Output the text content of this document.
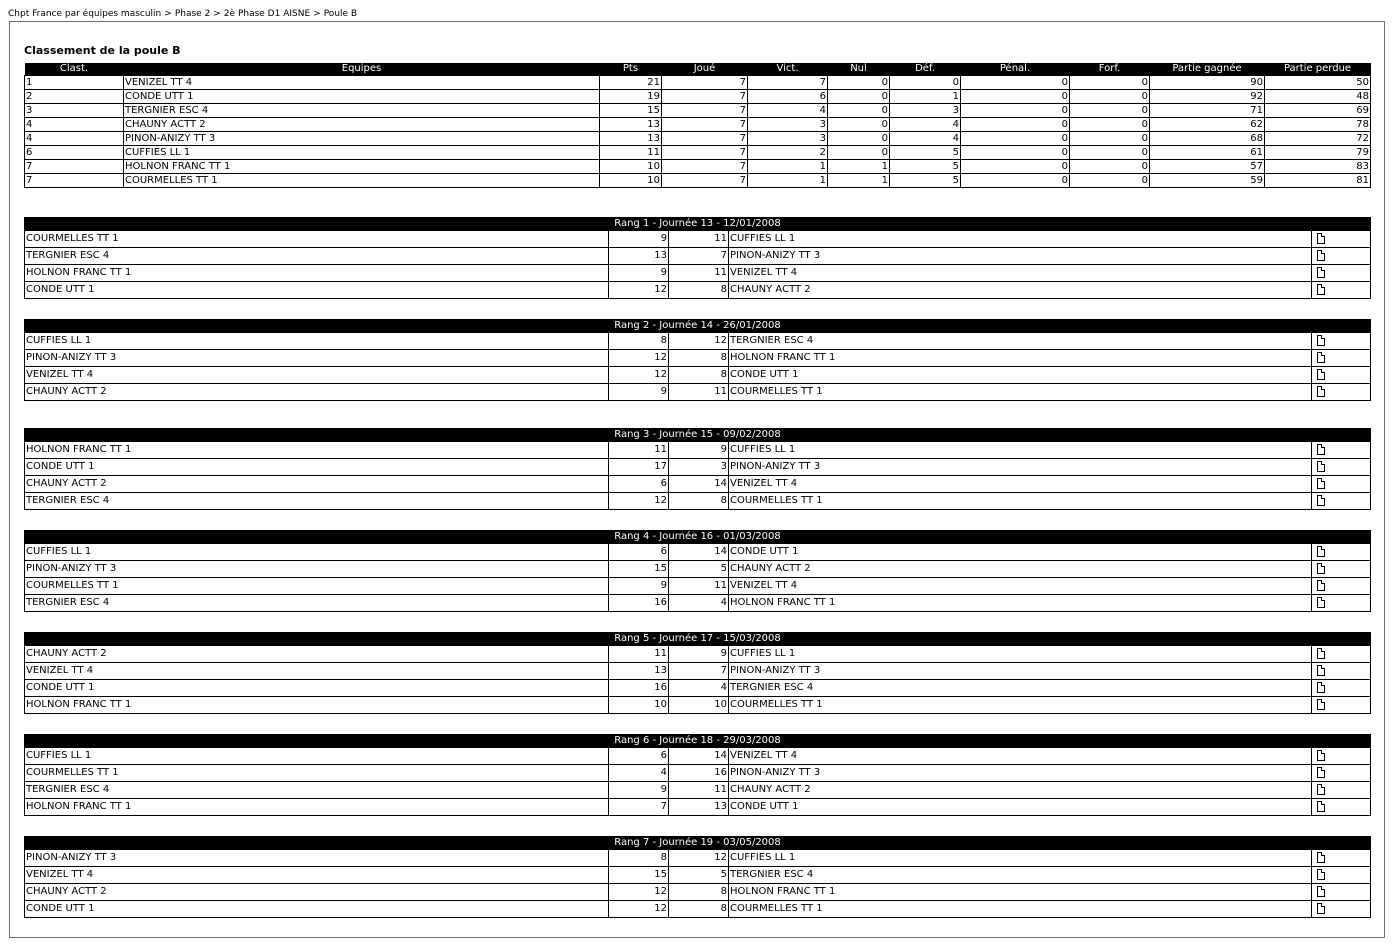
Chpt France par équipes masculin > Phase 2 > 2è Phase D1 AISNE > Poule B
Classement de la poule B
Clast.	Equipes	Pts	Joué	Vict.	Nul	Déf.	Pénal.	Forf.	Partie gagnée	Partie perdue
1	VENIZEL TT 4	21	7	7	0	0	0	0	90	50
2	CONDE UTT 1	19	7	6	0	1	0	0	92	48
3	TERGNIER ESC 4	15	7	4	0	3	0	0	71	69
4	CHAUNY ACTT 2	13	7	3	0	4	0	0	62	78
4	PINON-ANIZY TT 3	13	7	3	0	4	0	0	68	72
6	CUFFIES LL 1	11	7	2	0	5	0	0	61	79
7	HOLNON FRANC TT 1	10	7	1	1	5	0	0	57	83
7	COURMELLES TT 1	10	7	1	1	5	0	0	59	81
Rang 1 - Journée 13 - 12/01/2008				
COURMELLES TT 1	9	11	CUFFIES LL 1	
TERGNIER ESC 4	13	7	PINON-ANIZY TT 3	
HOLNON FRANC TT 1	9	11	VENIZEL TT 4	
CONDE UTT 1	12	8	CHAUNY ACTT 2	
Rang 2 - Journée 14 - 26/01/2008				
CUFFIES LL 1	8	12	TERGNIER ESC 4	
PINON-ANIZY TT 3	12	8	HOLNON FRANC TT 1	
VENIZEL TT 4	12	8	CONDE UTT 1	
CHAUNY ACTT 2	9	11	COURMELLES TT 1	
Rang 3 - Journée 15 - 09/02/2008				
HOLNON FRANC TT 1	11	9	CUFFIES LL 1	
CONDE UTT 1	17	3	PINON-ANIZY TT 3	
CHAUNY ACTT 2	6	14	VENIZEL TT 4	
TERGNIER ESC 4	12	8	COURMELLES TT 1	
Rang 4 - Journée 16 - 01/03/2008				
CUFFIES LL 1	6	14	CONDE UTT 1	
PINON-ANIZY TT 3	15	5	CHAUNY ACTT 2	
COURMELLES TT 1	9	11	VENIZEL TT 4	
TERGNIER ESC 4	16	4	HOLNON FRANC TT 1	
Rang 5 - Journée 17 - 15/03/2008				
CHAUNY ACTT 2	11	9	CUFFIES LL 1	
VENIZEL TT 4	13	7	PINON-ANIZY TT 3	
CONDE UTT 1	16	4	TERGNIER ESC 4	
HOLNON FRANC TT 1	10	10	COURMELLES TT 1	
Rang 6 - Journée 18 - 29/03/2008				
CUFFIES LL 1	6	14	VENIZEL TT 4	
COURMELLES TT 1	4	16	PINON-ANIZY TT 3	
TERGNIER ESC 4	9	11	CHAUNY ACTT 2	
HOLNON FRANC TT 1	7	13	CONDE UTT 1	
Rang 7 - Journée 19 - 03/05/2008				
PINON-ANIZY TT 3	8	12	CUFFIES LL 1	
VENIZEL TT 4	15	5	TERGNIER ESC 4	
CHAUNY ACTT 2	12	8	HOLNON FRANC TT 1	
CONDE UTT 1	12	8	COURMELLES TT 1	
